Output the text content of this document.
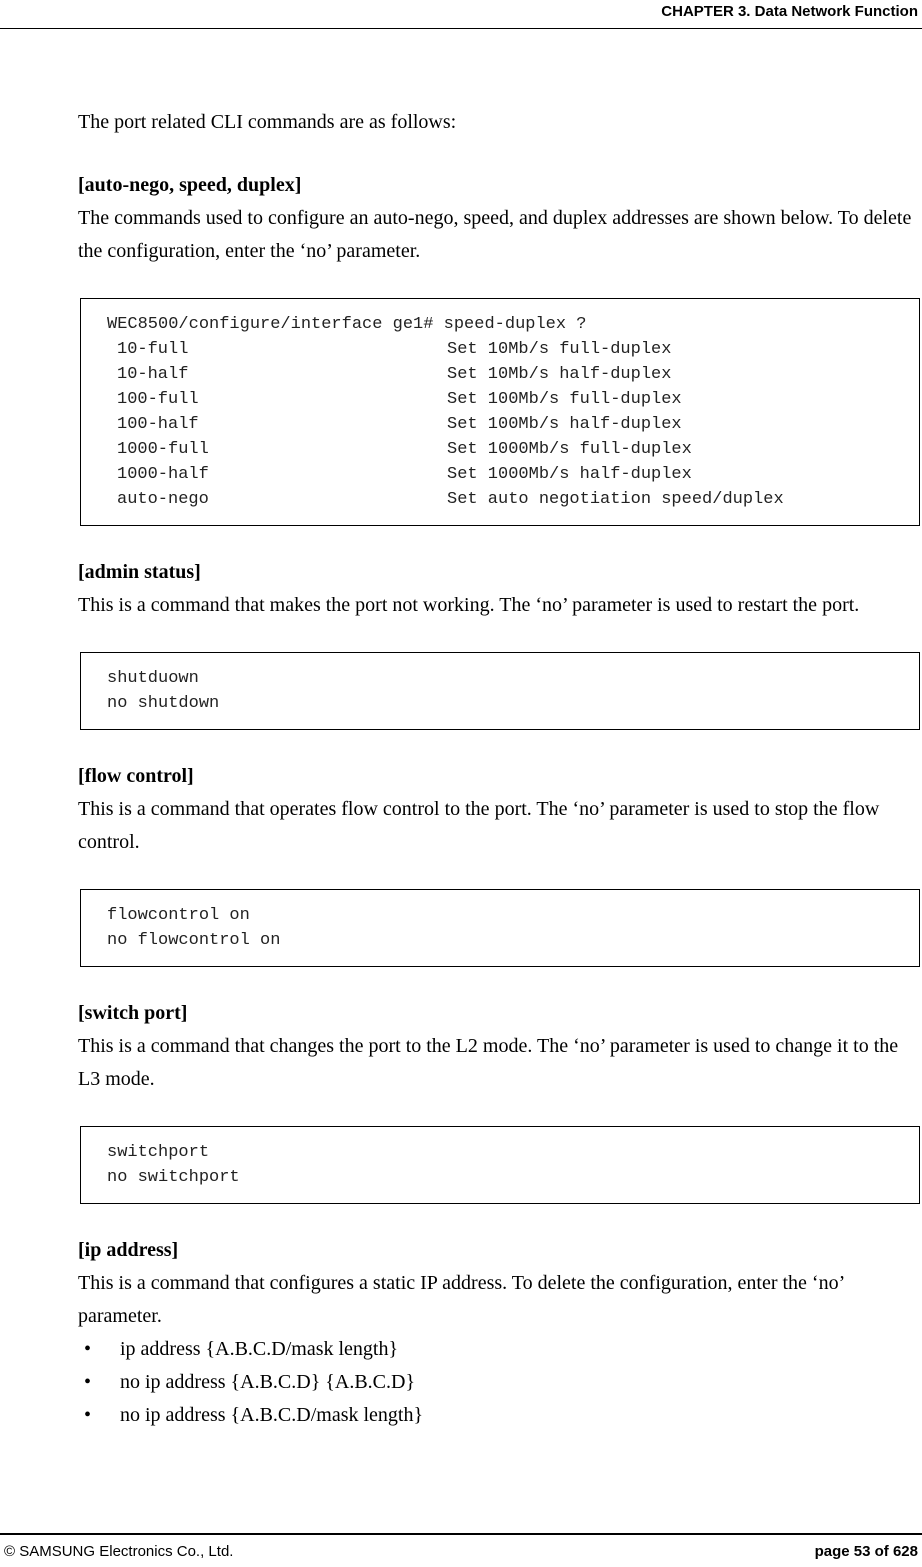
CHAPTER 3. Data Network Function

The port related CLI commands are as follows:

[auto-nego, speed, duplex]

The commands used to configure an auto-nego, speed, and duplex addresses are shown below. To delete the configuration, enter the ‘no’ parameter.

WEC8500/configure/interface ge1# speed-duplex ?
10-full	Set 10Mb/s full-duplex
10-half	Set 10Mb/s half-duplex
100-full	Set 100Mb/s full-duplex
100-half	Set 100Mb/s half-duplex
1000-full	Set 1000Mb/s full-duplex
1000-half	Set 1000Mb/s half-duplex
auto-nego	Set auto negotiation speed/duplex

[admin status]

This is a command that makes the port not working. The ‘no’ parameter is used to restart the port.

shutduown
no shutdown

[flow control]

This is a command that operates flow control to the port. The ‘no’ parameter is used to stop the flow control.

flowcontrol on
no flowcontrol on

[switch port]

This is a command that changes the port to the L2 mode. The ‘no’ parameter is used to change it to the L3 mode.

switchport
no switchport

[ip address]

This is a command that configures a static IP address. To delete the configuration, enter the ‘no’ parameter.

• ip address {A.B.C.D/mask length}
• no ip address {A.B.C.D} {A.B.C.D}
• no ip address {A.B.C.D/mask length}
© SAMSUNG Electronics Co., Ltd.	page 53 of 628
